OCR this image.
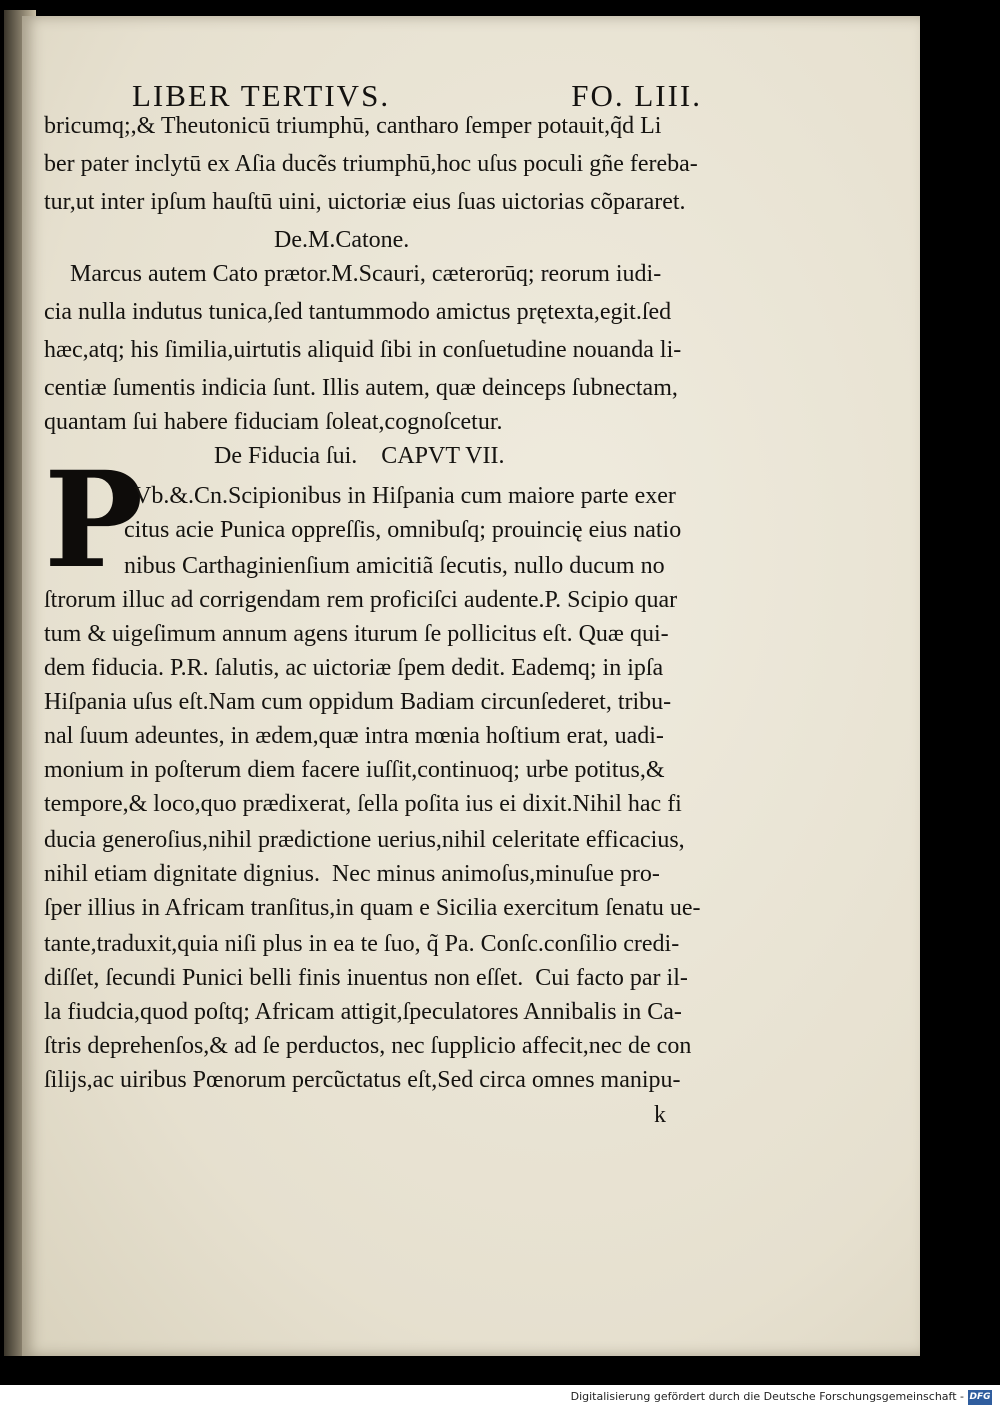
LIBER TERTIVS.	FO. LIII.
P
bricumq;,& Theutonicū triumphū, cantharo ſemper potauit,q̃d Li
ber pater inclytū ex Aſia ducẽs triumphū,hoc uſus poculi gñe fereba-
tur,ut inter ipſum hauſtū uini, uictoriæ eius ſuas uictorias cõpararet.
De.M.Catone.
Marcus autem Cato prætor.M.Scauri, cæterorūq; reorum iudi-
cia nulla indutus tunica,ſed tantummodo amictus prętexta,egit.ſed
hæc,atq; his ſimilia,uirtutis aliquid ſibi in conſuetudine nouanda li-
centiæ ſumentis indicia ſunt. Illis autem, quæ deinceps ſubnectam,
quantam ſui habere fiduciam ſoleat,cognoſcetur.
De Fiducia ſui.    CAPVT VII.
Vb.&.Cn.Scipionibus in Hiſpania cum maiore parte exer
citus acie Punica oppreſſis, omnibuſq; prouincię eius natio
nibus Carthaginienſium amicitiã ſecutis, nullo ducum no
ſtrorum illuc ad corrigendam rem proficiſci audente.P. Scipio quar
tum & uigeſimum annum agens iturum ſe pollicitus eſt. Quæ qui-
dem fiducia. P.R. ſalutis, ac uictoriæ ſpem dedit. Eademq; in ipſa
Hiſpania uſus eſt.Nam cum oppidum Badiam circunſederet, tribu-
nal ſuum adeuntes, in ædem,quæ intra mœnia hoſtium erat, uadi-
monium in poſterum diem facere iuſſit,continuoq; urbe potitus,&
tempore,& loco,quo prædixerat, ſella poſita ius ei dixit.Nihil hac fi
ducia generoſius,nihil prædictione uerius,nihil celeritate efficacius,
nihil etiam dignitate dignius.  Nec minus animoſus,minuſue pro-
ſper illius in Africam tranſitus,in quam e Sicilia exercitum ſenatu ue-
tante,traduxit,quia niſi plus in ea te ſuo, q̃ Pa. Conſc.conſilio credi-
diſſet, ſecundi Punici belli finis inuentus non eſſet.  Cui facto par il-
la fiudcia,quod poſtq; Africam attigit,ſpeculatores Annibalis in Ca-
ſtris deprehenſos,& ad ſe perductos, nec ſupplicio affecit,nec de con
ſilijs,ac uiribus Pœnorum percũctatus eſt,Sed circa omnes manipu-
k
Digitalisierung gefördert durch die Deutsche Forschungsgemeinschaft - DFG
